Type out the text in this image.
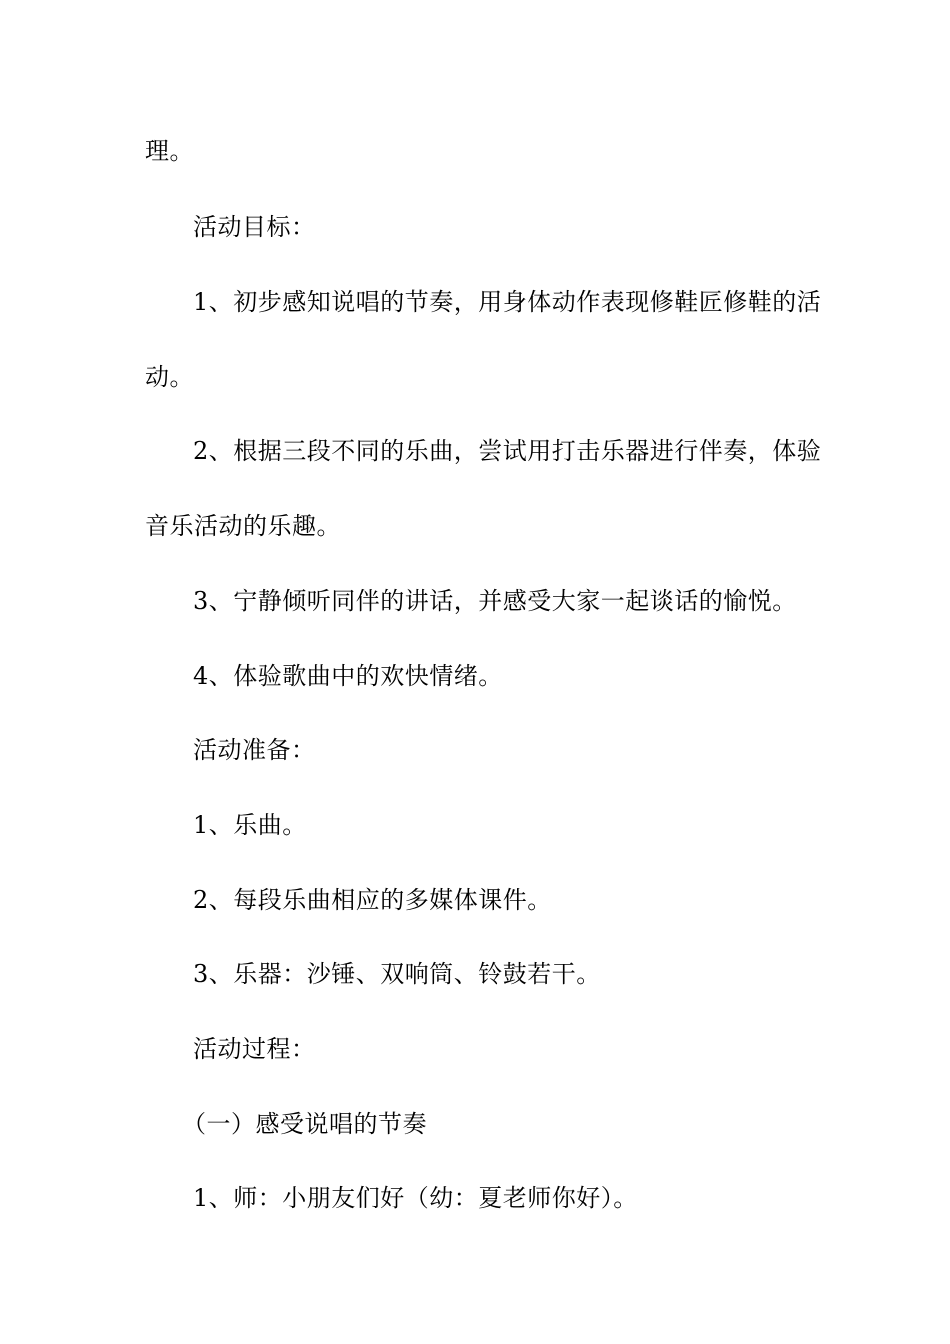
理。
活动目标：
1、初步感知说唱的节奏，用身体动作表现修鞋匠修鞋的活
动。
2、根据三段不同的乐曲，尝试用打击乐器进行伴奏，体验
音乐活动的乐趣。
3、宁静倾听同伴的讲话，并感受大家一起谈话的愉悦。
4、体验歌曲中的欢快情绪。
活动准备：
1、乐曲。
2、每段乐曲相应的多媒体课件。
3、乐器：沙锤、双响筒、铃鼓若干。
活动过程：
（一）感受说唱的节奏
1、师：小朋友们好（幼：夏老师你好）。
